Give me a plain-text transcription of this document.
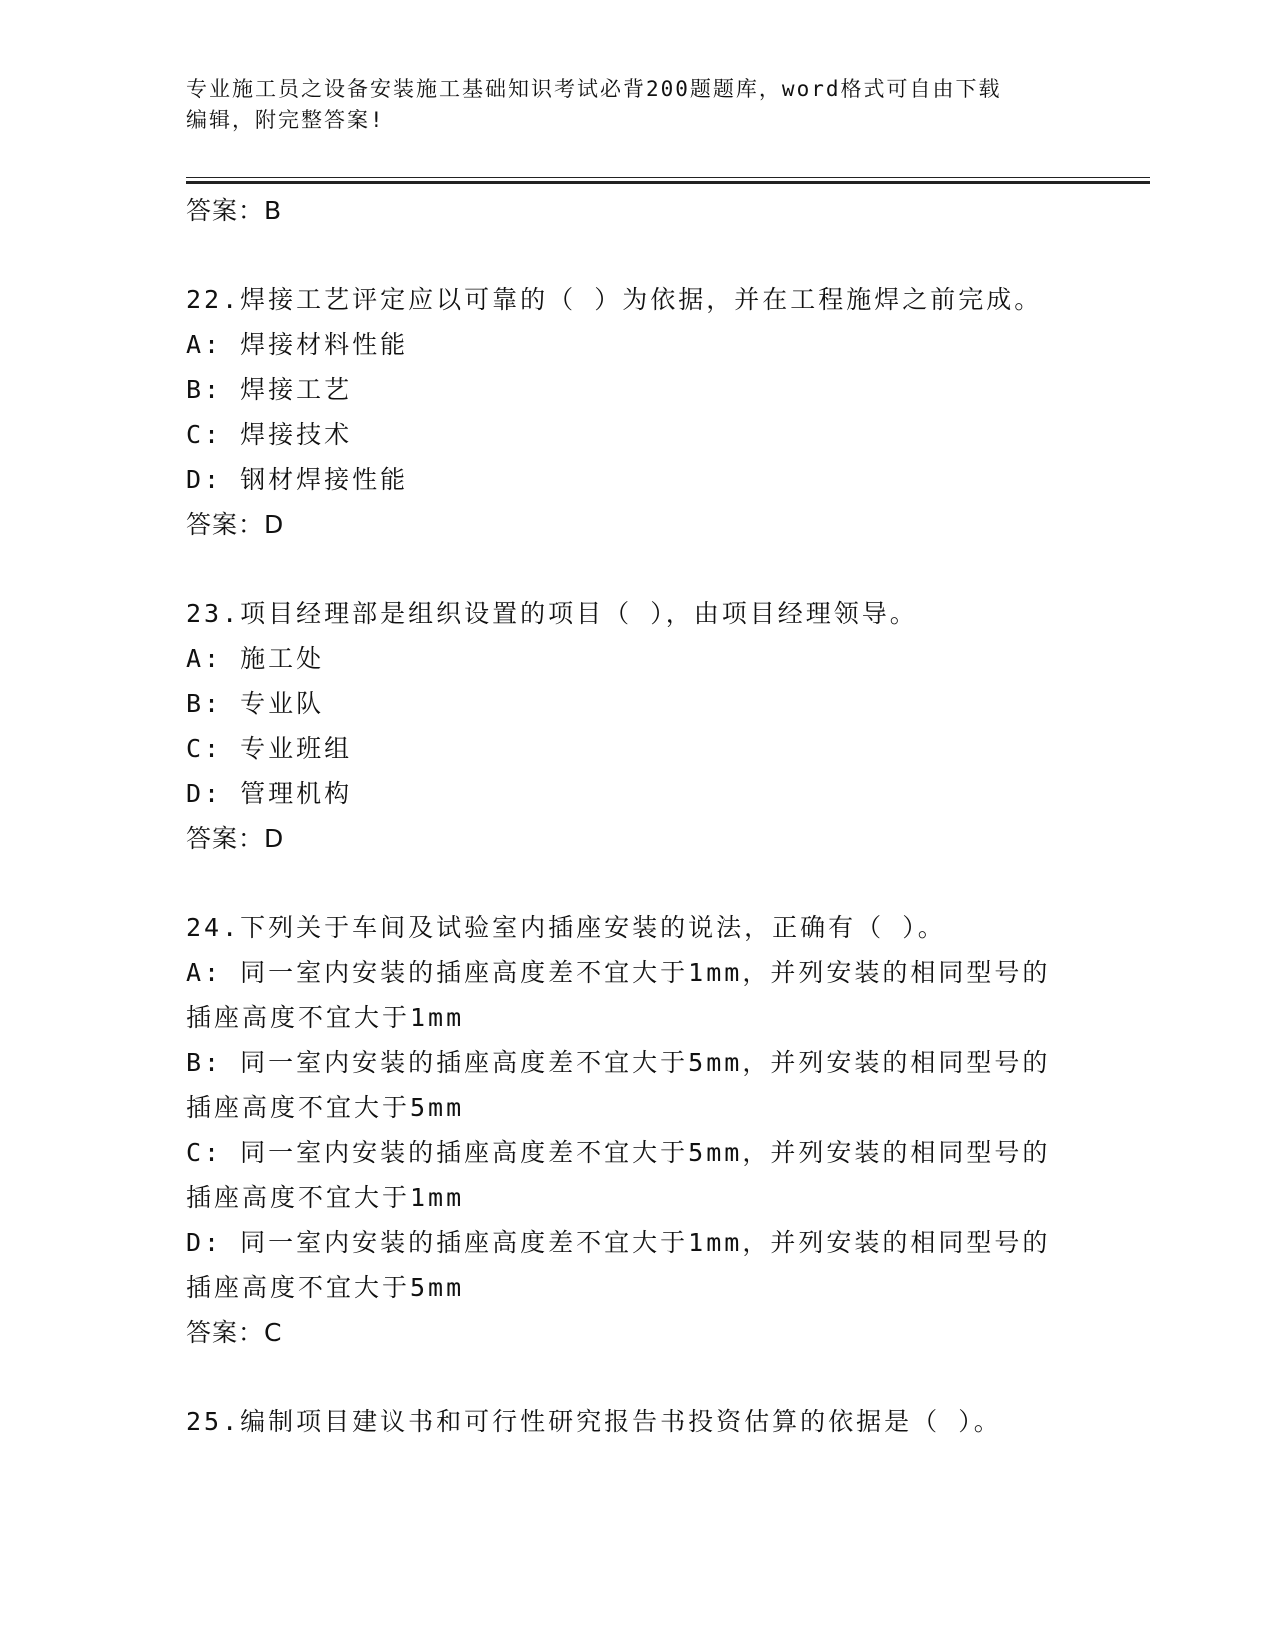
专业施工员之设备安装施工基础知识考试必背200题题库，word格式可自由下载
编辑，附完整答案!
答案：B
22.焊接工艺评定应以可靠的（ ）为依据，并在工程施焊之前完成。
A: 焊接材料性能
B: 焊接工艺
C: 焊接技术
D: 钢材焊接性能
答案：D
23.项目经理部是组织设置的项目（ ），由项目经理领导。
A: 施工处
B: 专业队
C: 专业班组
D: 管理机构
答案：D
24.下列关于车间及试验室内插座安装的说法，正确有（ ）。
A: 同一室内安装的插座高度差不宜大于1mm，并列安装的相同型号的
插座高度不宜大于1mm
B: 同一室内安装的插座高度差不宜大于5mm，并列安装的相同型号的
插座高度不宜大于5mm
C: 同一室内安装的插座高度差不宜大于5mm，并列安装的相同型号的
插座高度不宜大于1mm
D: 同一室内安装的插座高度差不宜大于1mm，并列安装的相同型号的
插座高度不宜大于5mm
答案：C
25.编制项目建议书和可行性研究报告书投资估算的依据是（ ）。
